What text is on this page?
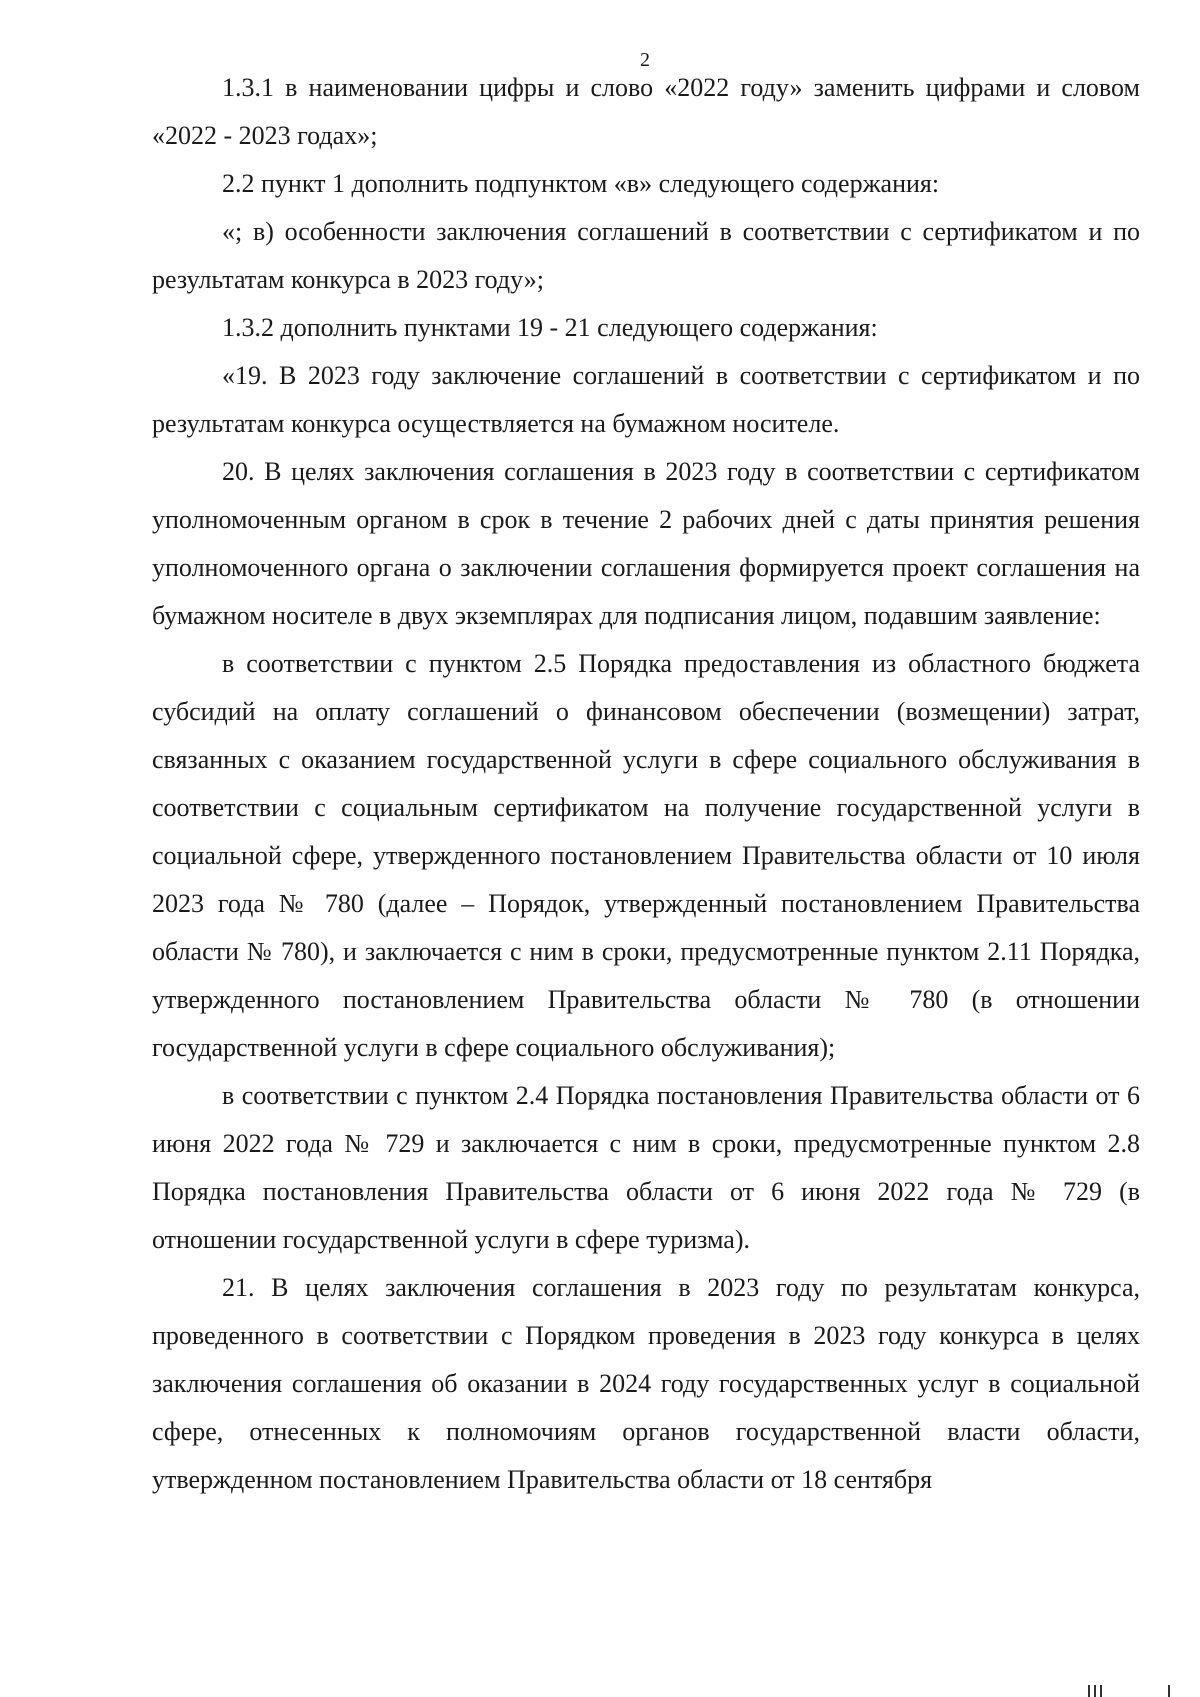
2

1.3.1 в наименовании цифры и слово «2022 году» заменить цифрами и словом «2022 - 2023 годах»;

2.2 пункт 1 дополнить подпунктом «в» следующего содержания:

«; в) особенности заключения соглашений в соответствии с сертификатом и по результатам конкурса в 2023 году»;

1.3.2 дополнить пунктами 19 - 21 следующего содержания:

«19. В 2023 году заключение соглашений в соответствии с сертификатом и по результатам конкурса осуществляется на бумажном носителе.

20. В целях заключения соглашения в 2023 году в соответствии с сертификатом уполномоченным органом в срок в течение 2 рабочих дней с даты принятия решения уполномоченного органа о заключении соглашения формируется проект соглашения на бумажном носителе в двух экземплярах для подписания лицом, подавшим заявление:

в соответствии с пунктом 2.5 Порядка предоставления из областного бюджета субсидий на оплату соглашений о финансовом обеспечении (возмещении) затрат, связанных с оказанием государственной услуги в сфере социального обслуживания в соответствии с социальным сертификатом на получение государственной услуги в социальной сфере, утвержденного постановлением Правительства области от 10 июля 2023 года № 780 (далее – Порядок, утвержденный постановлением Правительства области № 780), и заключается с ним в сроки, предусмотренные пунктом 2.11 Порядка, утвержденного постановлением Правительства области № 780 (в отношении государственной услуги в сфере социального обслуживания);

в соответствии с пунктом 2.4 Порядка постановления Правительства области от 6 июня 2022 года № 729 и заключается с ним в сроки, предусмотренные пунктом 2.8 Порядка постановления Правительства области от 6 июня 2022 года № 729 (в отношении государственной услуги в сфере туризма).

21. В целях заключения соглашения в 2023 году по результатам конкурса, проведенного в соответствии с Порядком проведения в 2023 году конкурса в целях заключения соглашения об оказании в 2024 году государственных услуг в социальной сфере, отнесенных к полномочиям органов государственной власти области, утвержденном постановлением Правительства области от 18 сентября
